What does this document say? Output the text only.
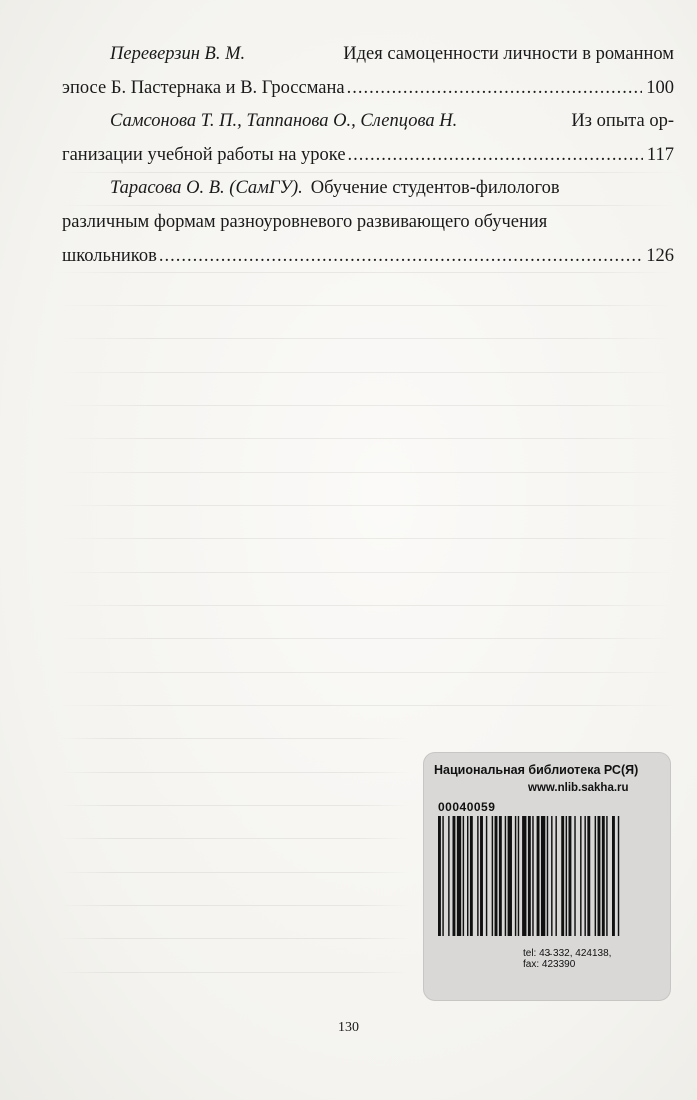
Переверзин В. М.	Идея самоценности личности в романном
эпосе Б. Пастернака и В. Гроссмана .....	100
Самсонова Т. П., Таппанова О., Слепцова Н.	Из опыта ор-
ганизации учебной работы на уроке .....	117
Тарасова О. В. (СамГУ). Обучение студентов-филологов
различным формам разноуровневого развивающего обучения
школьников .....	126
130
Национальная библиотека РС(Я)
www.nlib.sakha.ru
00040059
tel: 43̵ 332, 424138,
fax: 423390
